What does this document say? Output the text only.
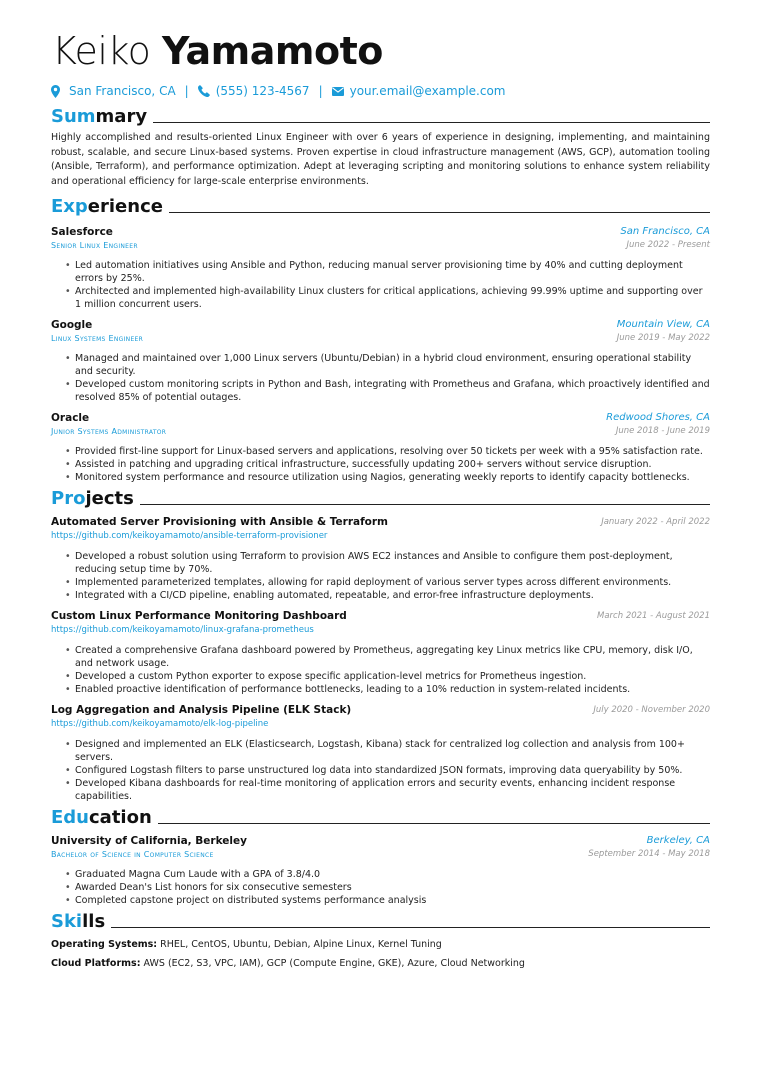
Keiko Yamamoto
San Francisco, CA | (555) 123-4567 | your.email@example.com
Sum mary
Highly accomplished and results-oriented Linux Engineer with over 6 years of experience in designing, implementing, and maintaining robust, scalable, and secure Linux-based systems. Proven expertise in cloud infrastructure management (AWS, GCP), automation tooling (Ansible, Terraform), and performance optimization. Adept at leveraging scripting and monitoring solutions to enhance system reliability and operational efficiency for large-scale enterprise environments.
Exp erience
Salesforce
Senior Linux Engineer
San Francisco, CA
June 2022 - Present
• Led automation initiatives using Ansible and Python, reducing manual server provisioning time by 40% and cutting deployment errors by 25%.
• Architected and implemented high-availability Linux clusters for critical applications, achieving 99.99% uptime and supporting over 1 million concurrent users.
Google
Linux Systems Engineer
Mountain View, CA
June 2019 - May 2022
• Managed and maintained over 1,000 Linux servers (Ubuntu/Debian) in a hybrid cloud environment, ensuring operational stability and security.
• Developed custom monitoring scripts in Python and Bash, integrating with Prometheus and Grafana, which proactively identified and resolved 85% of potential outages.
Oracle
Junior Systems Administrator
Redwood Shores, CA
June 2018 - June 2019
• Provided first-line support for Linux-based servers and applications, resolving over 50 tickets per week with a 95% satisfaction rate.
• Assisted in patching and upgrading critical infrastructure, successfully updating 200+ servers without service disruption.
• Monitored system performance and resource utilization using Nagios, generating weekly reports to identify capacity bottlenecks.
Pro jects
Automated Server Provisioning with Ansible & Terraform
https://github.com/keikoyamamoto/ansible-terraform-provisioner
January 2022 - April 2022
• Developed a robust solution using Terraform to provision AWS EC2 instances and Ansible to configure them post-deployment, reducing setup time by 70%.
• Implemented parameterized templates, allowing for rapid deployment of various server types across different environments.
• Integrated with a CI/CD pipeline, enabling automated, repeatable, and error-free infrastructure deployments.
Custom Linux Performance Monitoring Dashboard
https://github.com/keikoyamamoto/linux-grafana-prometheus
March 2021 - August 2021
• Created a comprehensive Grafana dashboard powered by Prometheus, aggregating key Linux metrics like CPU, memory, disk I/O, and network usage.
• Developed a custom Python exporter to expose specific application-level metrics for Prometheus ingestion.
• Enabled proactive identification of performance bottlenecks, leading to a 10% reduction in system-related incidents.
Log Aggregation and Analysis Pipeline (ELK Stack)
https://github.com/keikoyamamoto/elk-log-pipeline
July 2020 - November 2020
• Designed and implemented an ELK (Elasticsearch, Logstash, Kibana) stack for centralized log collection and analysis from 100+ servers.
• Configured Logstash filters to parse unstructured log data into standardized JSON formats, improving data queryability by 50%.
• Developed Kibana dashboards for real-time monitoring of application errors and security events, enhancing incident response capabilities.
Edu cation
University of California, Berkeley
Bachelor of Science in Computer Science
Berkeley, CA
September 2014 - May 2018
• Graduated Magna Cum Laude with a GPA of 3.8/4.0
• Awarded Dean's List honors for six consecutive semesters
• Completed capstone project on distributed systems performance analysis
Ski lls
Operating Systems: RHEL, CentOS, Ubuntu, Debian, Alpine Linux, Kernel Tuning
Cloud Platforms: AWS (EC2, S3, VPC, IAM), GCP (Compute Engine, GKE), Azure, Cloud Networking
